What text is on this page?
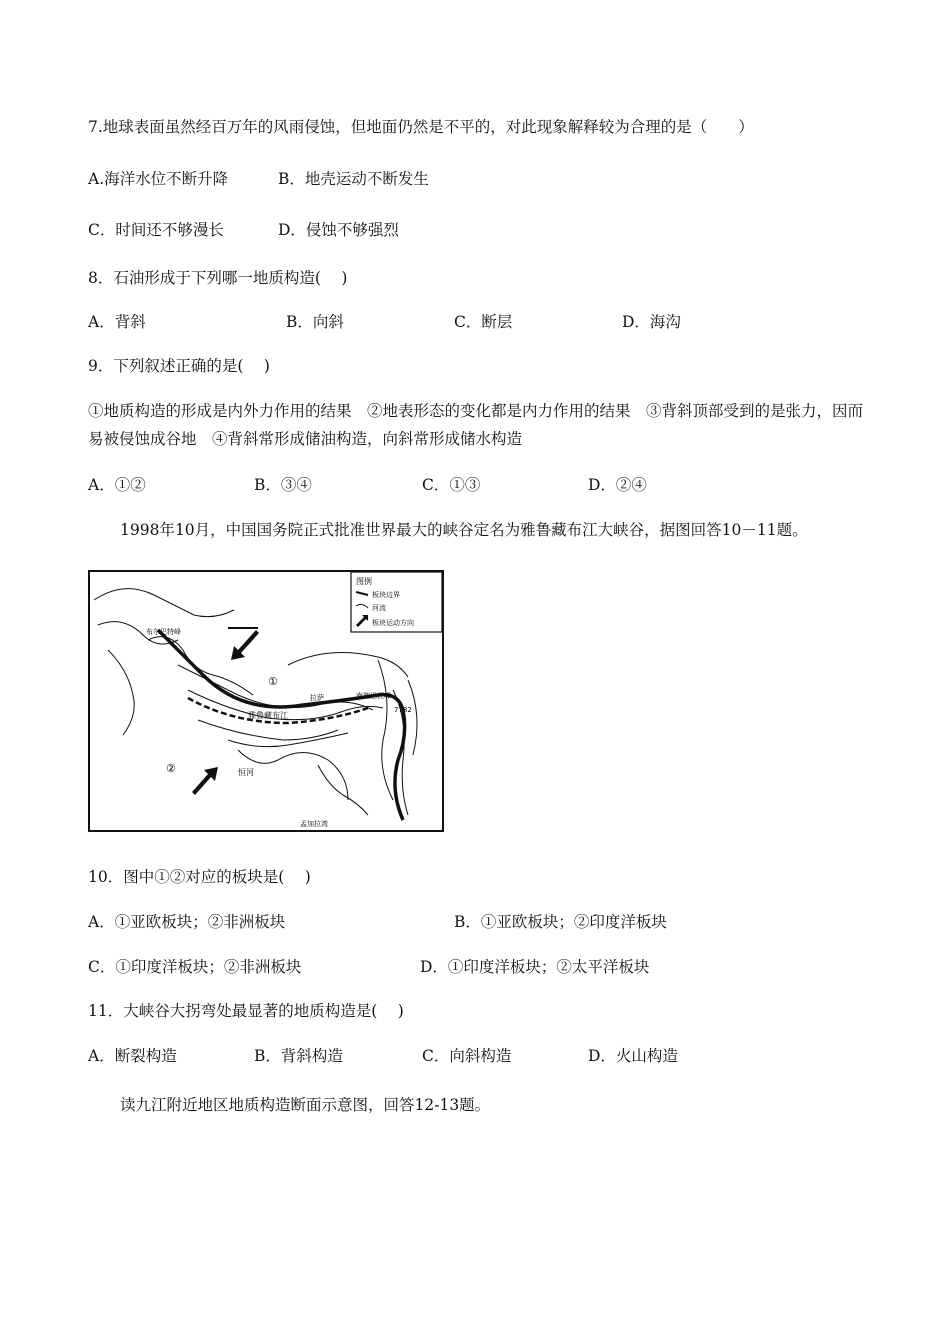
7.地球表面虽然经百万年的风雨侵蚀，但地面仍然是不平的，对此现象解释较为合理的是（　　）
A.海洋水位不断升降	B．地壳运动不断发生
C．时间还不够漫长	D．侵蚀不够强烈
8．石油形成于下列哪一地质构造(　 )
A．背斜	B．向斜	C．断层	D．海沟
9．下列叙述正确的是(　 )
①地质构造的形成是内外力作用的结果　②地表形态的变化都是内力作用的结果　③背斜顶部受到的是张力，因而易被侵蚀成谷地　④背斜常形成储油构造，向斜常形成储水构造
A．①②	B．③④	C．①③	D．②④
1998年10月，中国国务院正式批准世界最大的峡谷定名为雅鲁藏布江大峡谷，据图回答10－11题。
图例
板块边界
河流
板块运动方向
①
②
布尔巴特峰
拉萨	南迦巴瓦峰
7782
雅鲁藏布江
恒河
孟加拉湾
10．图中①②对应的板块是(　 )
A．①亚欧板块；②非洲板块	B．①亚欧板块；②印度洋板块
C．①印度洋板块；②非洲板块	D．①印度洋板块；②太平洋板块
11．大峡谷大拐弯处最显著的地质构造是(　 )
A．断裂构造	B．背斜构造	C．向斜构造	D．火山构造
读九江附近地区地质构造断面示意图，回答12-13题。
